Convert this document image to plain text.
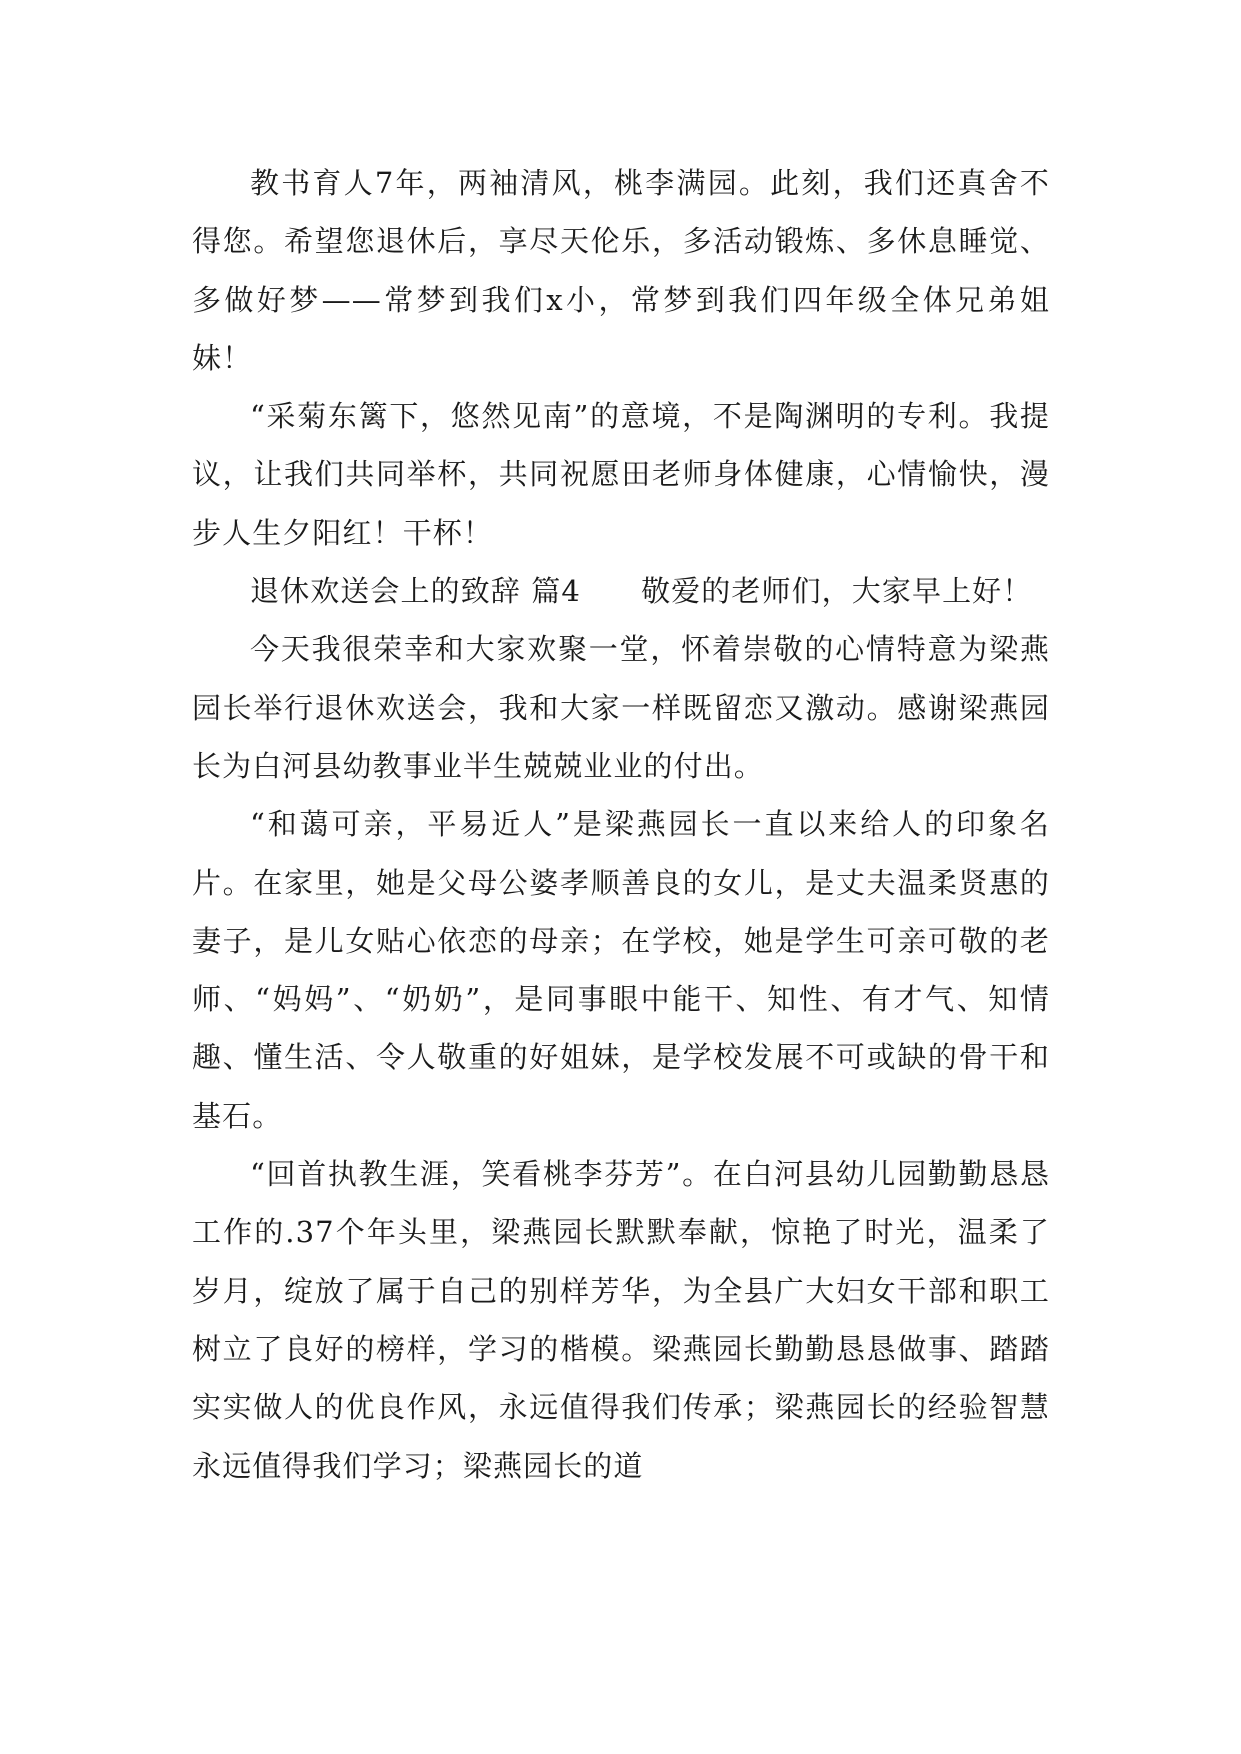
教书育人7年，两袖清风，桃李满园。此刻，我们还真舍不得您。希望您退休后，享尽天伦乐，多活动锻炼、多休息睡觉、多做好梦——常梦到我们x小，常梦到我们四年级全体兄弟姐妹！

“采菊东篱下，悠然见南”的意境，不是陶渊明的专利。我提议，让我们共同举杯，共同祝愿田老师身体健康，心情愉快，漫步人生夕阳红！干杯！

退休欢送会上的致辞 篇4　　敬爱的老师们，大家早上好！

今天我很荣幸和大家欢聚一堂，怀着崇敬的心情特意为梁燕园长举行退休欢送会，我和大家一样既留恋又激动。感谢梁燕园长为白河县幼教事业半生兢兢业业的付出。

“和蔼可亲，平易近人”是梁燕园长一直以来给人的印象名片。在家里，她是父母公婆孝顺善良的女儿，是丈夫温柔贤惠的妻子，是儿女贴心依恋的母亲；在学校，她是学生可亲可敬的老师、“妈妈”、“奶奶”，是同事眼中能干、知性、有才气、知情趣、懂生活、令人敬重的好姐妹，是学校发展不可或缺的骨干和基石。

“回首执教生涯，笑看桃李芬芳”。在白河县幼儿园勤勤恳恳工作的.37个年头里，梁燕园长默默奉献，惊艳了时光，温柔了岁月，绽放了属于自己的别样芳华，为全县广大妇女干部和职工树立了良好的榜样，学习的楷模。梁燕园长勤勤恳恳做事、踏踏实实做人的优良作风，永远值得我们传承；梁燕园长的经验智慧永远值得我们学习；梁燕园长的道
